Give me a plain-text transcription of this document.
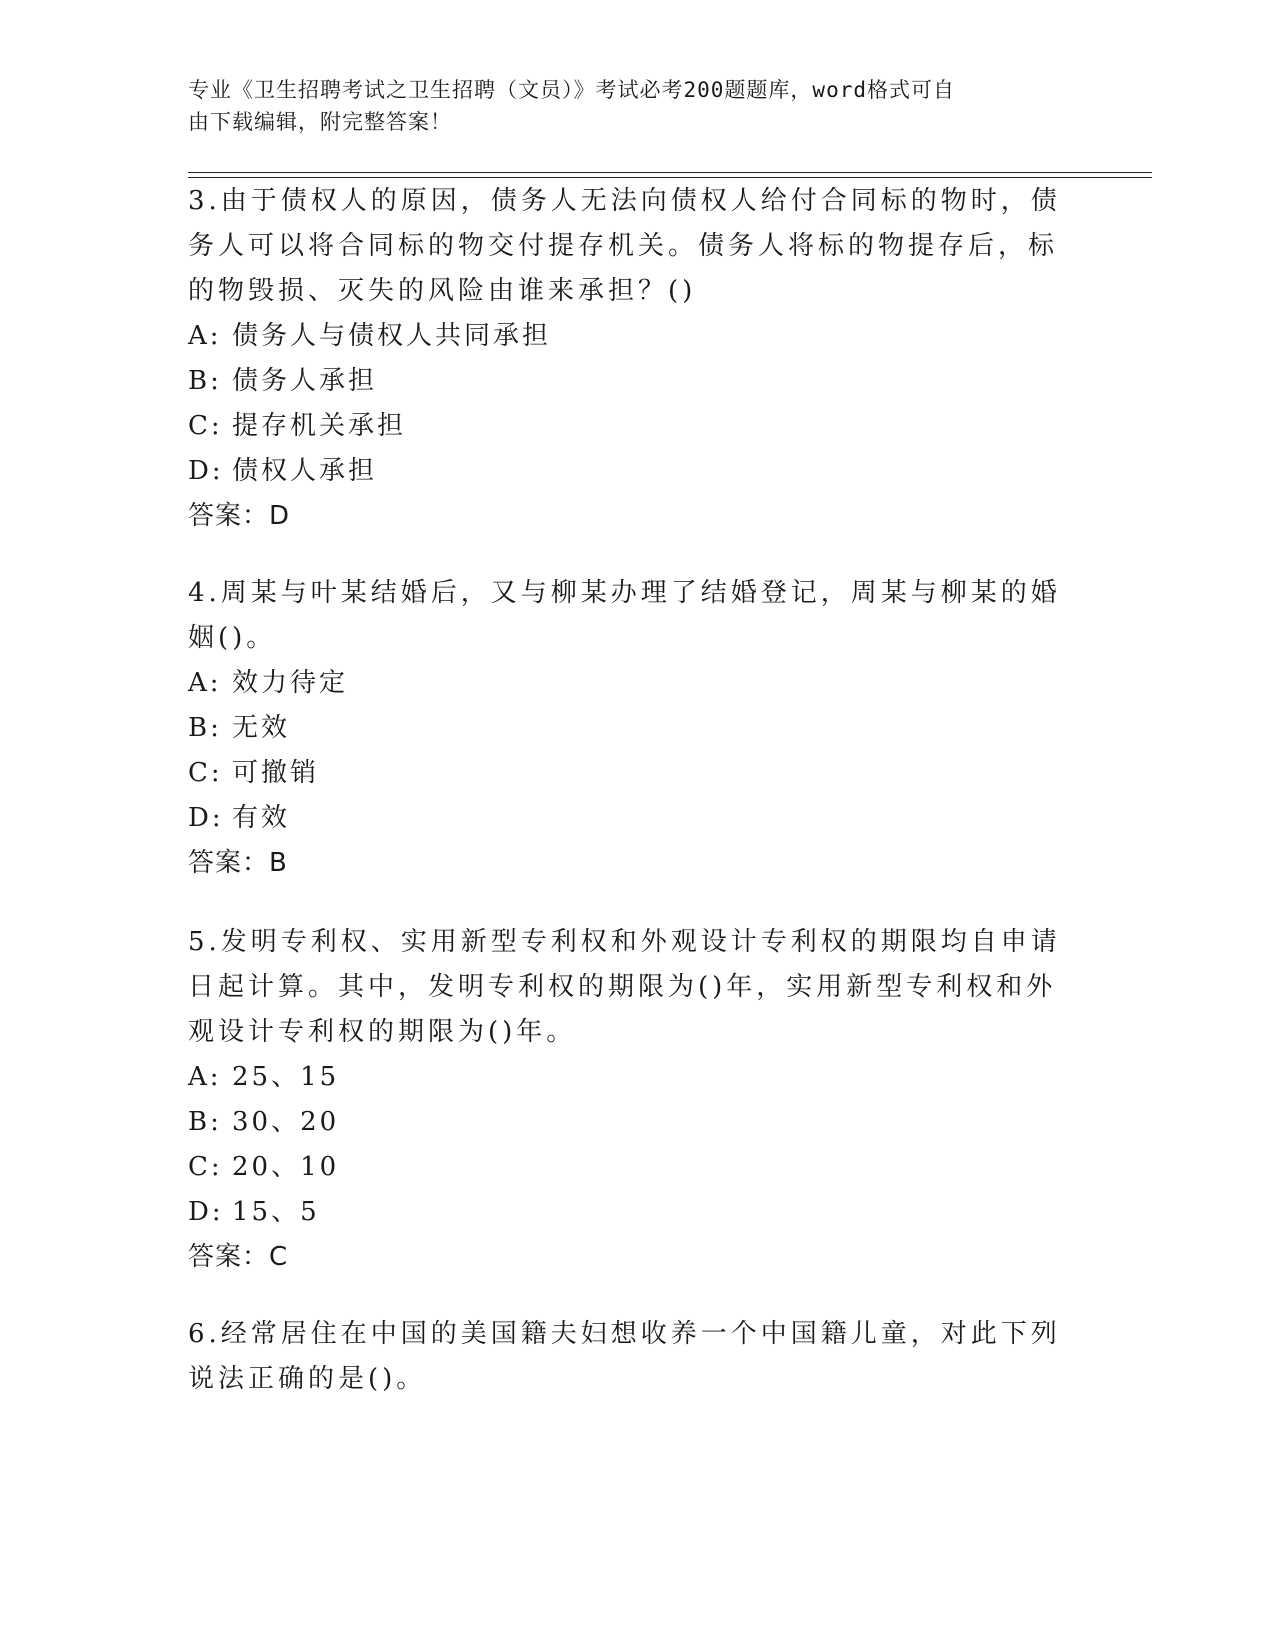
专业《卫生招聘考试之卫生招聘（文员）》考试必考200题题库，word格式可自
由下载编辑，附完整答案！
3.由于债权人的原因，债务人无法向债权人给付合同标的物时，债务人可以将合同标的物交付提存机关。债务人将标的物提存后，标的物毁损、灭失的风险由谁来承担？()
A: 债务人与债权人共同承担
B: 债务人承担
C: 提存机关承担
D: 债权人承担
答案：D
4.周某与叶某结婚后，又与柳某办理了结婚登记，周某与柳某的婚姻()。
A: 效力待定
B: 无效
C: 可撤销
D: 有效
答案：B
5.发明专利权、实用新型专利权和外观设计专利权的期限均自申请日起计算。其中，发明专利权的期限为()年，实用新型专利权和外观设计专利权的期限为()年。
A: 25、15
B: 30、20
C: 20、10
D: 15、5
答案：C
6.经常居住在中国的美国籍夫妇想收养一个中国籍儿童，对此下列说法正确的是()。
